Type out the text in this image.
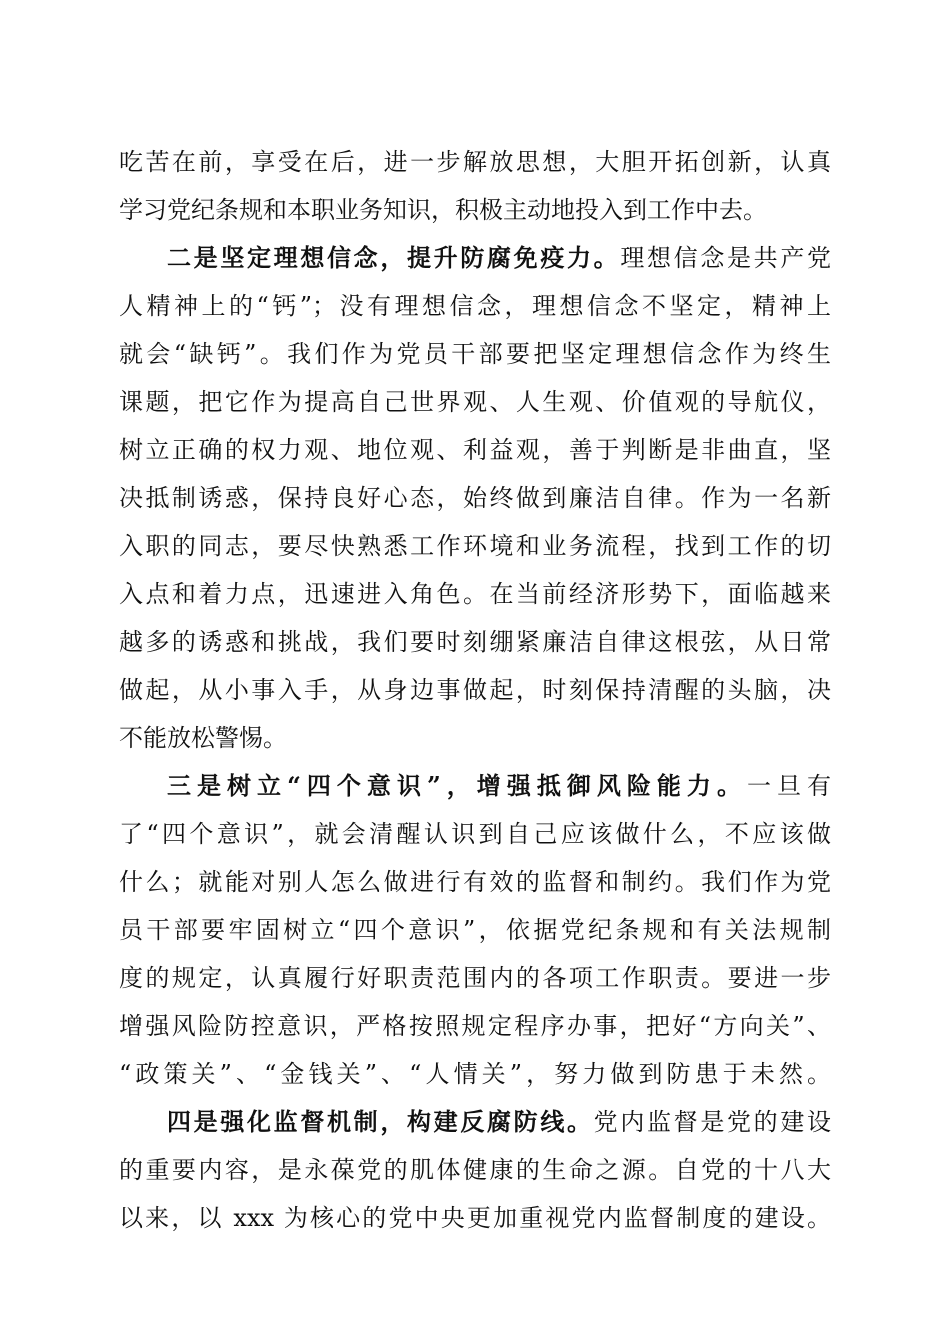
吃苦在前，享受在后，进一步解放思想，大胆开拓创新，认真
学习党纪条规和本职业务知识，积极主动地投入到工作中去。
二是坚定理想信念，提升防腐免疫力。理想信念是共产党
人精神上的“钙”；没有理想信念，理想信念不坚定，精神上
就会“缺钙”。我们作为党员干部要把坚定理想信念作为终生
课题，把它作为提高自己世界观、人生观、价值观的导航仪，
树立正确的权力观、地位观、利益观，善于判断是非曲直，坚
决抵制诱惑，保持良好心态，始终做到廉洁自律。作为一名新
入职的同志，要尽快熟悉工作环境和业务流程，找到工作的切
入点和着力点，迅速进入角色。在当前经济形势下，面临越来
越多的诱惑和挑战，我们要时刻绷紧廉洁自律这根弦，从日常
做起，从小事入手，从身边事做起，时刻保持清醒的头脑，决
不能放松警惕。
三是树立“四个意识”，增强抵御风险能力。一旦有
了“四个意识”，就会清醒认识到自己应该做什么，不应该做
什么；就能对别人怎么做进行有效的监督和制约。我们作为党
员干部要牢固树立“四个意识”，依据党纪条规和有关法规制
度的规定，认真履行好职责范围内的各项工作职责。要进一步
增强风险防控意识，严格按照规定程序办事，把好“方向关”、
“政策关”、“金钱关”、“人情关”，努力做到防患于未然。
四是强化监督机制，构建反腐防线。党内监督是党的建设
的重要内容，是永葆党的肌体健康的生命之源。自党的十八大
以来，以 xxx 为核心的党中央更加重视党内监督制度的建设。
